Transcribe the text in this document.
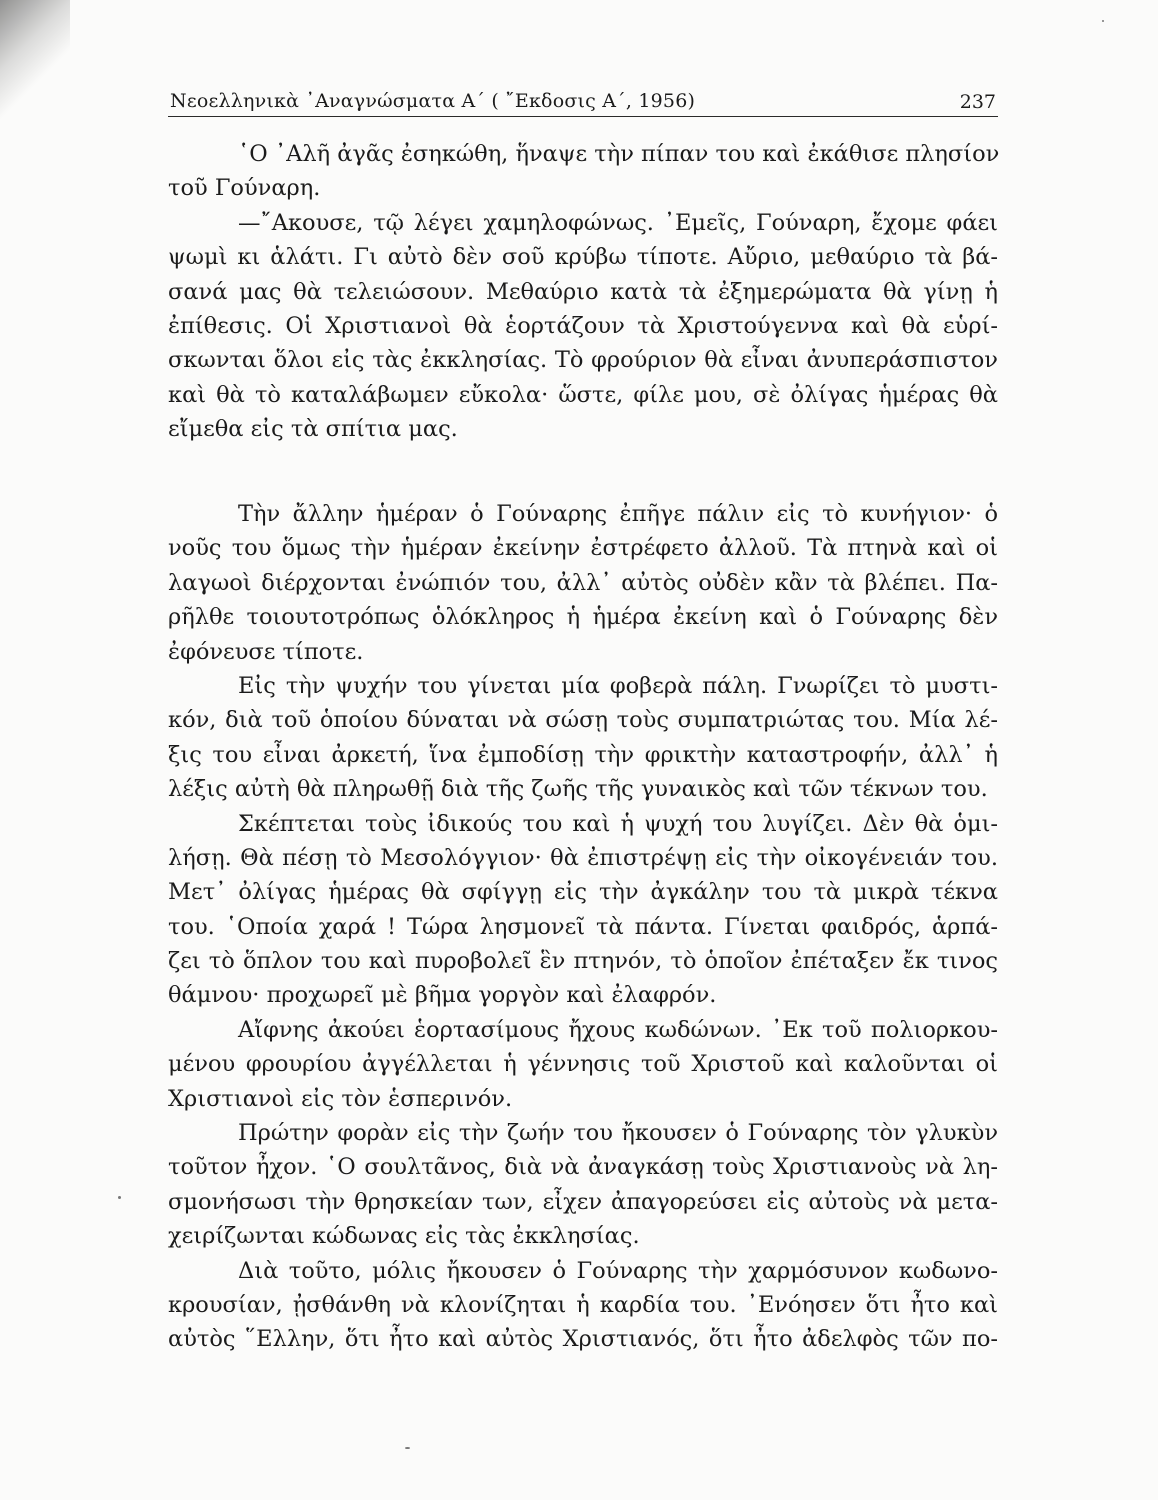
Νεοελληνικὰ ᾿Αναγνώσματα Α΄ ( ῎Εκδοσις Α΄, 1956)	237
῾Ο ᾿Αλῆ ἀγᾶς ἐσηκώθη, ἥναψε τὴν πίπαν του καὶ ἐκάθισε πλησίον
τοῦ Γούναρη.
—῎Ακουσε, τῷ λέγει χαμηλοφώνως. ᾿Εμεῖς, Γούναρη, ἔχομε φάει
ψωμὶ κι ἁλάτι. Γι αὐτὸ δὲν σοῦ κρύβω τίποτε. Αὔριο, μεθαύριο τὰ βά-
σανά μας θὰ τελειώσουν. Μεθαύριο κατὰ τὰ ἐξημερώματα θὰ γίνῃ ἡ
ἐπίθεσις. Οἱ Χριστιανοὶ θὰ ἑορτάζουν τὰ Χριστούγεννα καὶ θὰ εὑρί-
σκωνται ὅλοι εἰς τὰς ἐκκλησίας. Τὸ φρούριον θὰ εἶναι ἀνυπεράσπιστον
καὶ θὰ τὸ καταλάβωμεν εὔκολα· ὥστε, φίλε μου, σὲ ὀλίγας ἡμέρας θὰ
εἴμεθα εἰς τὰ σπίτια μας.
Τὴν ἄλλην ἡμέραν ὁ Γούναρης ἐπῆγε πάλιν εἰς τὸ κυνήγιον· ὁ
νοῦς του ὅμως τὴν ἡμέραν ἐκείνην ἐστρέφετο ἀλλοῦ. Τὰ πτηνὰ καὶ οἱ
λαγωοὶ διέρχονται ἐνώπιόν του, ἀλλ᾿ αὐτὸς οὐδὲν κἂν τὰ βλέπει. Πα-
ρῆλθε τοιουτοτρόπως ὁλόκληρος ἡ ἡμέρα ἐκείνη καὶ ὁ Γούναρης δὲν
ἐφόνευσε τίποτε.
Εἰς τὴν ψυχήν του γίνεται μία φοβερὰ πάλη. Γνωρίζει τὸ μυστι-
κόν, διὰ τοῦ ὁποίου δύναται νὰ σώσῃ τοὺς συμπατριώτας του. Μία λέ-
ξις του εἶναι ἀρκετή, ἵνα ἐμποδίσῃ τὴν φρικτὴν καταστροφήν, ἀλλ᾿ ἡ
λέξις αὐτὴ θὰ πληρωθῇ διὰ τῆς ζωῆς τῆς γυναικὸς καὶ τῶν τέκνων του.
Σκέπτεται τοὺς ἰδικούς του καὶ ἡ ψυχή του λυγίζει. Δὲν θὰ ὁμι-
λήσῃ. Θὰ πέσῃ τὸ Μεσολόγγιον· θὰ ἐπιστρέψῃ εἰς τὴν οἰκογένειάν του.
Μετ᾿ ὀλίγας ἡμέρας θὰ σφίγγῃ εἰς τὴν ἀγκάλην του τὰ μικρὰ τέκνα
του. ῾Οποία χαρά ! Τώρα λησμονεῖ τὰ πάντα. Γίνεται φαιδρός, ἁρπά-
ζει τὸ ὅπλον του καὶ πυροβολεῖ ἓν πτηνόν, τὸ ὁποῖον ἐπέταξεν ἔκ τινος
θάμνου· προχωρεῖ μὲ βῆμα γοργὸν καὶ ἐλαφρόν.
Αἴφνης ἀκούει ἑορτασίμους ἤχους κωδώνων. ᾿Εκ τοῦ πολιορκου-
μένου φρουρίου ἀγγέλλεται ἡ γέννησις τοῦ Χριστοῦ καὶ καλοῦνται οἱ
Χριστιανοὶ εἰς τὸν ἑσπερινόν.
Πρώτην φορὰν εἰς τὴν ζωήν του ἤκουσεν ὁ Γούναρης τὸν γλυκὺν
τοῦτον ἦχον. ῾Ο σουλτᾶνος, διὰ νὰ ἀναγκάσῃ τοὺς Χριστιανοὺς νὰ λη-
σμονήσωσι τὴν θρησκείαν των, εἶχεν ἀπαγορεύσει εἰς αὐτοὺς νὰ μετα-
χειρίζωνται κώδωνας εἰς τὰς ἐκκλησίας.
Διὰ τοῦτο, μόλις ἤκουσεν ὁ Γούναρης τὴν χαρμόσυνον κωδωνο-
κρουσίαν, ᾐσθάνθη νὰ κλονίζηται ἡ καρδία του. ᾿Ενόησεν ὅτι ἦτο καὶ
αὐτὸς ῞Ελλην, ὅτι ἦτο καὶ αὐτὸς Χριστιανός, ὅτι ἦτο ἀδελφὸς τῶν πο-
